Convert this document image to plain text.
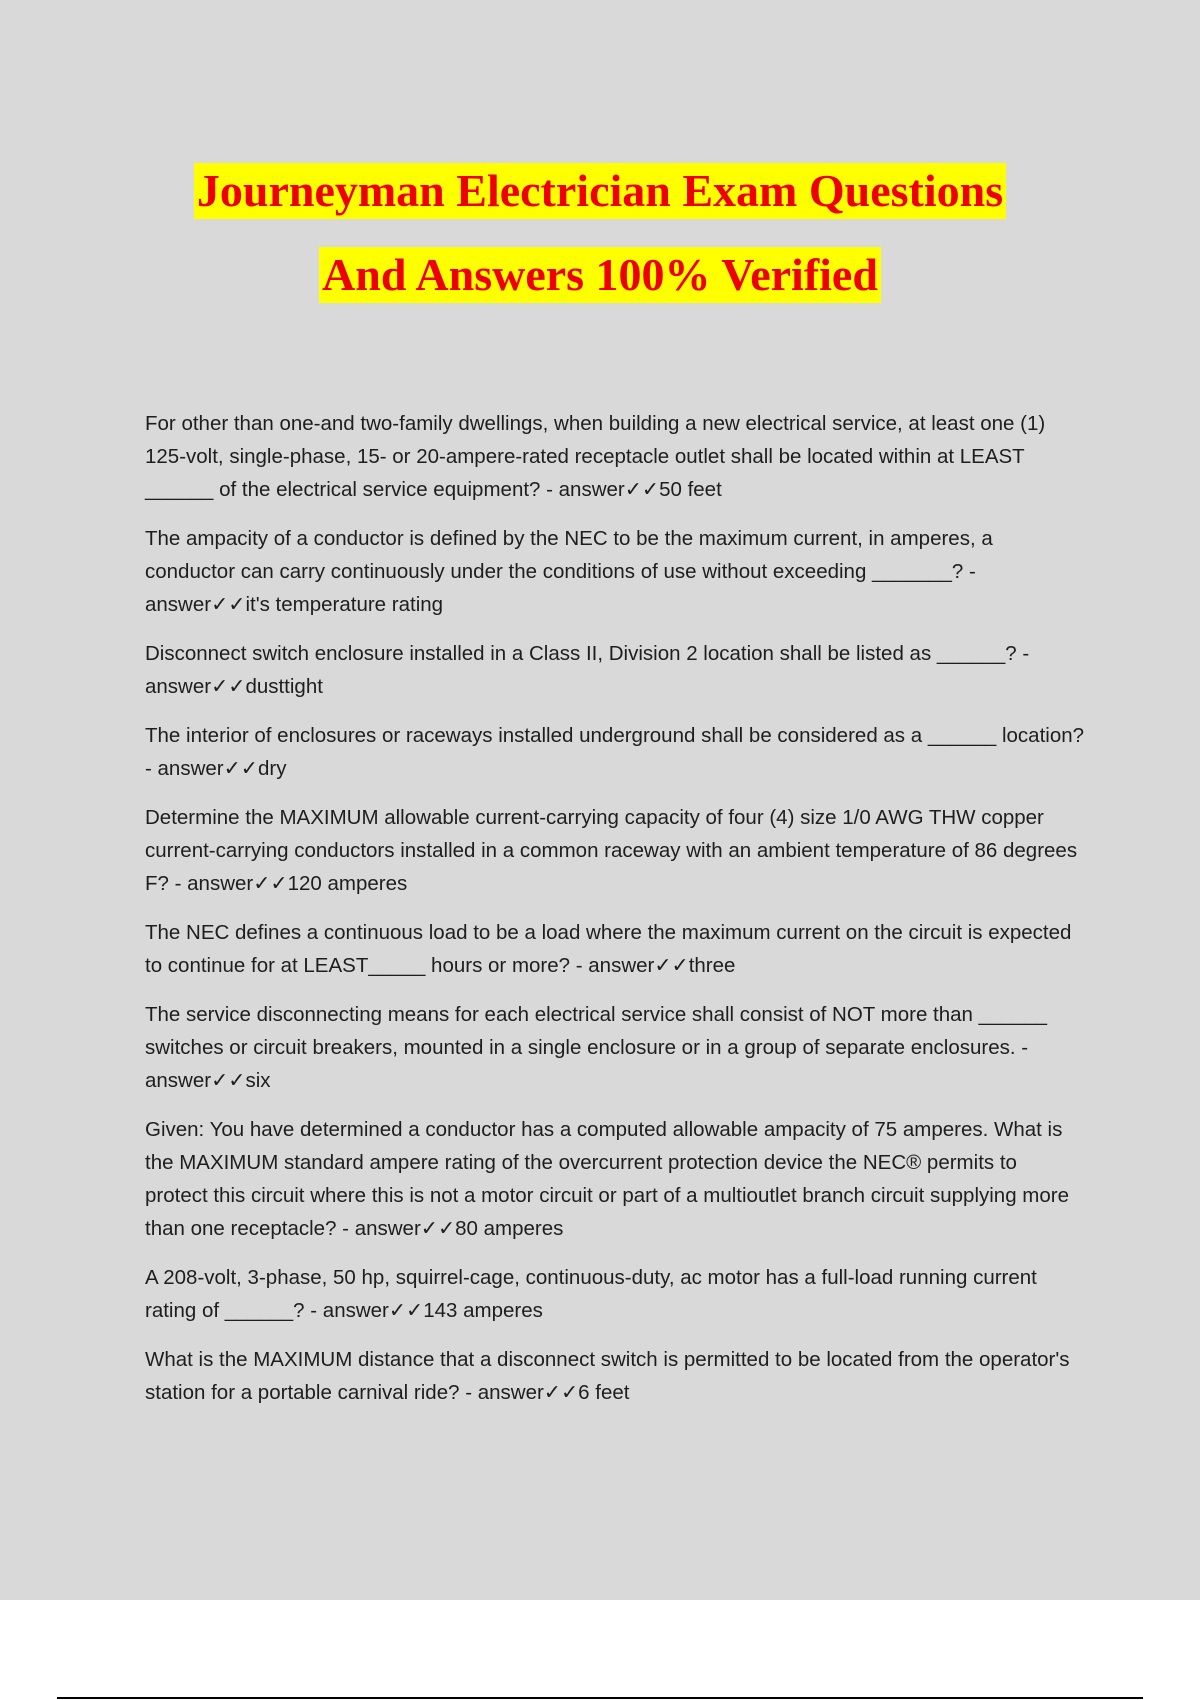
Journeyman Electrician Exam Questions
And Answers 100% Verified

For other than one-and two-family dwellings, when building a new electrical service, at least one (1) 125-volt, single-phase, 15- or 20-ampere-rated receptacle outlet shall be located within at LEAST ______ of the electrical service equipment? - answer✓✓50 feet

The ampacity of a conductor is defined by the NEC to be the maximum current, in amperes, a conductor can carry continuously under the conditions of use without exceeding _______? - answer✓✓it's temperature rating

Disconnect switch enclosure installed in a Class II, Division 2 location shall be listed as ______? - answer✓✓dusttight

The interior of enclosures or raceways installed underground shall be considered as a ______ location? - answer✓✓dry

Determine the MAXIMUM allowable current-carrying capacity of four (4) size 1/0 AWG THW copper current-carrying conductors installed in a common raceway with an ambient temperature of 86 degrees F? - answer✓✓120 amperes

The NEC defines a continuous load to be a load where the maximum current on the circuit is expected to continue for at LEAST_____ hours or more? - answer✓✓three

The service disconnecting means for each electrical service shall consist of NOT more than ______ switches or circuit breakers, mounted in a single enclosure or in a group of separate enclosures. - answer✓✓six

Given: You have determined a conductor has a computed allowable ampacity of 75 amperes. What is the MAXIMUM standard ampere rating of the overcurrent protection device the NEC® permits to protect this circuit where this is not a motor circuit or part of a multioutlet branch circuit supplying more than one receptacle? - answer✓✓80 amperes

A 208-volt, 3-phase, 50 hp, squirrel-cage, continuous-duty, ac motor has a full-load running current rating of ______? - answer✓✓143 amperes

What is the MAXIMUM distance that a disconnect switch is permitted to be located from the operator's station for a portable carnival ride? - answer✓✓6 feet
